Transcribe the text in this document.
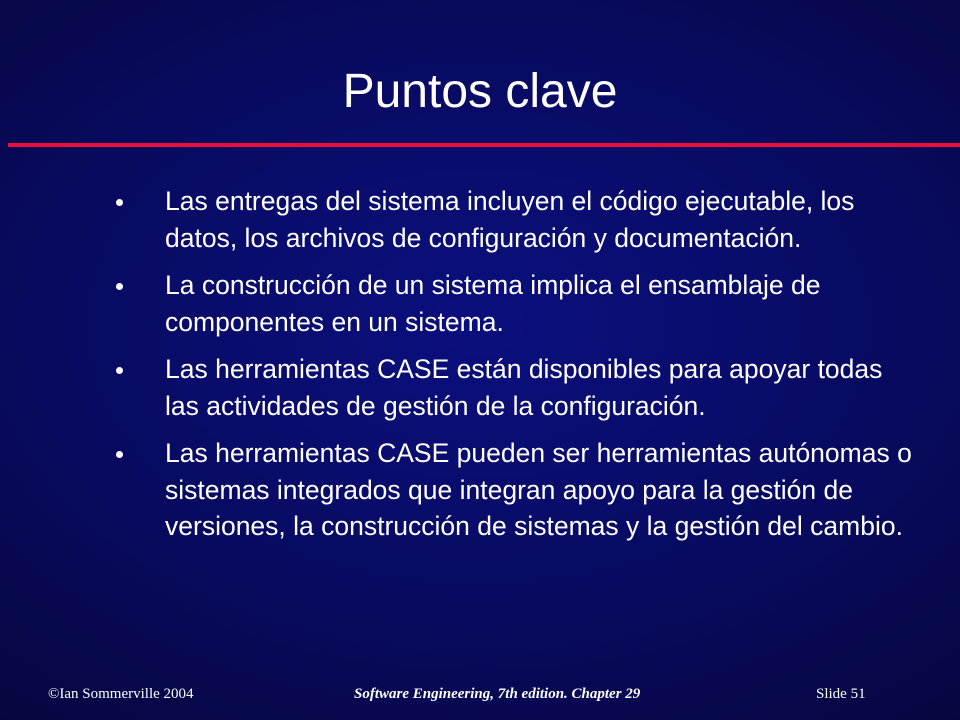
Puntos clave
Las entregas del sistema incluyen el código ejecutable, los datos, los archivos de configuración y documentación.
La construcción de un sistema implica el ensamblaje de componentes en un sistema.
Las herramientas CASE están disponibles para apoyar todas las actividades de gestión de la configuración.
Las herramientas CASE pueden ser herramientas autónomas o sistemas integrados que integran apoyo para la gestión de versiones, la construcción de sistemas y la gestión del cambio.
©Ian Sommerville 2004	Software Engineering, 7th edition. Chapter 29	Slide 51
